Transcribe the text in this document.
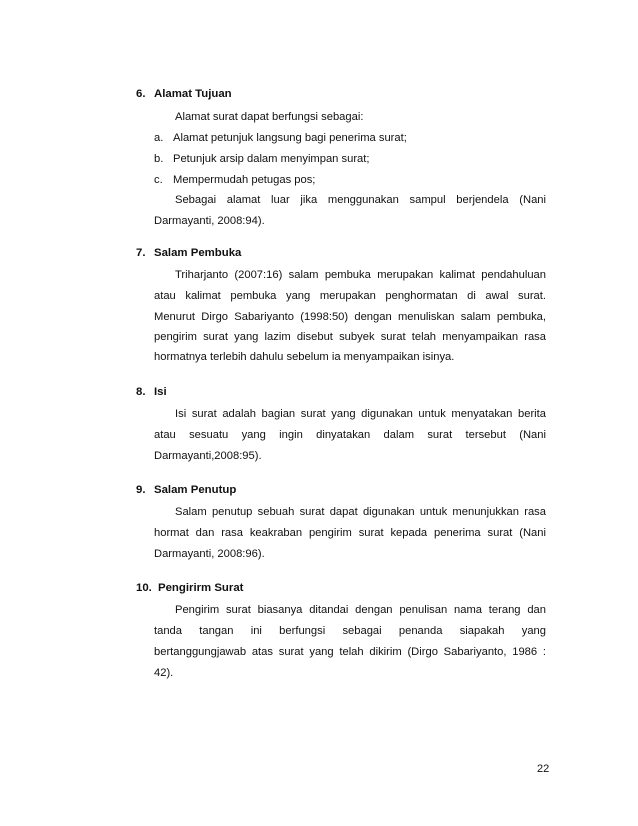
6. Alamat Tujuan
Alamat surat dapat berfungsi sebagai:
a. Alamat petunjuk langsung bagi penerima surat;
b. Petunjuk arsip dalam menyimpan surat;
c. Mempermudah petugas pos;
Sebagai alamat luar jika menggunakan sampul berjendela (Nani
Darmayanti, 2008:94).
7. Salam Pembuka
Triharjanto (2007:16) salam pembuka merupakan kalimat pendahuluan
atau kalimat pembuka yang merupakan penghormatan di awal surat.
Menurut Dirgo Sabariyanto (1998:50) dengan menuliskan salam pembuka,
pengirim surat yang lazim disebut subyek surat telah menyampaikan rasa
hormatnya terlebih dahulu sebelum ia menyampaikan isinya.
8. Isi
Isi surat adalah bagian surat yang digunakan untuk menyatakan berita
atau sesuatu yang ingin dinyatakan dalam surat tersebut (Nani
Darmayanti,2008:95).
9. Salam Penutup
Salam penutup sebuah surat dapat digunakan untuk menunjukkan rasa
hormat dan rasa keakraban pengirim surat kepada penerima surat (Nani
Darmayanti, 2008:96).
10. Pengirirm Surat
Pengirim surat biasanya ditandai dengan penulisan nama terang dan
tanda tangan ini berfungsi sebagai penanda siapakah yang
bertanggungjawab atas surat yang telah dikirim (Dirgo Sabariyanto, 1986 :
42).
22
